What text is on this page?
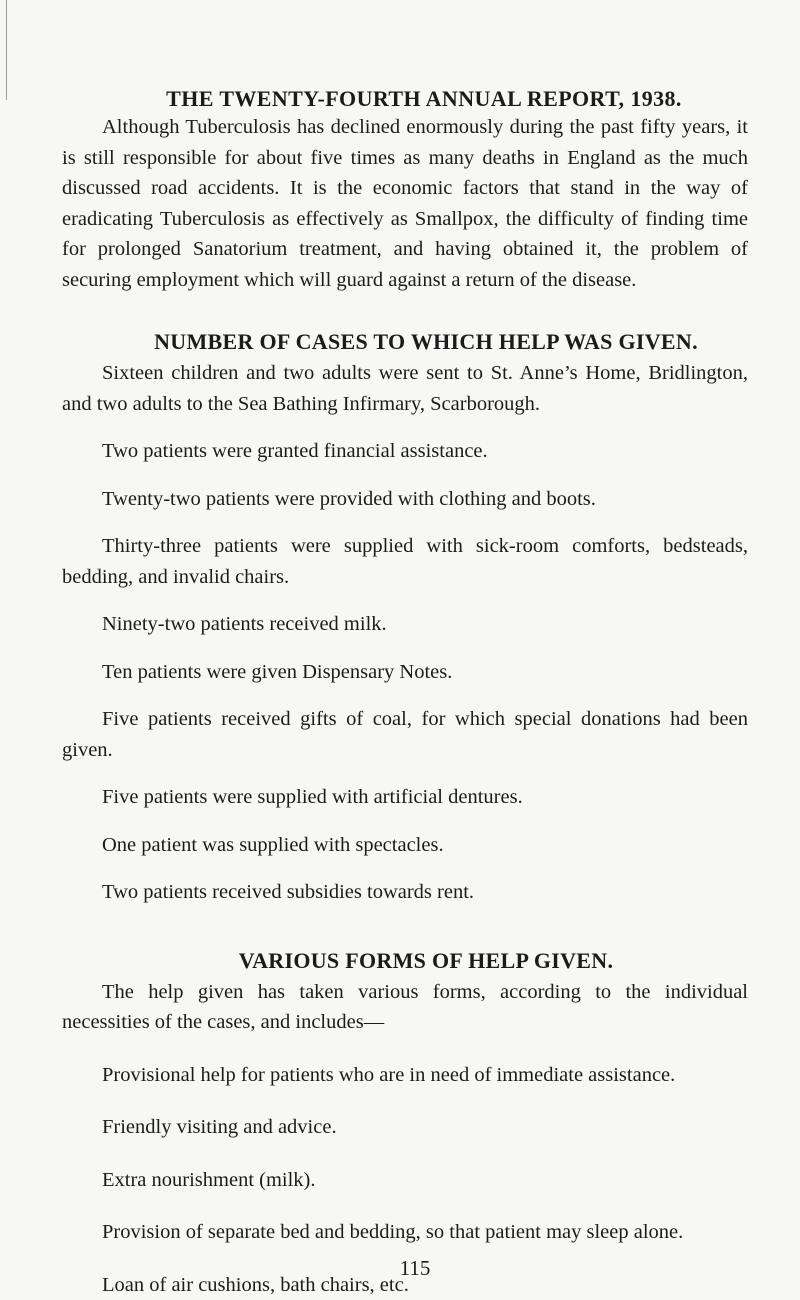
THE TWENTY-FOURTH ANNUAL REPORT, 1938.

Although Tuberculosis has declined enormously during the past fifty years, it is still responsible for about five times as many deaths in England as the much discussed road accidents. It is the economic factors that stand in the way of eradicating Tuberculosis as effectively as Smallpox, the difficulty of finding time for prolonged Sanatorium treatment, and having obtained it, the problem of securing employment which will guard against a return of the disease.

NUMBER OF CASES TO WHICH HELP WAS GIVEN.

Sixteen children and two adults were sent to St. Anne’s Home, Bridlington, and two adults to the Sea Bathing Infirmary, Scarborough.

Two patients were granted financial assistance.

Twenty-two patients were provided with clothing and boots.

Thirty-three patients were supplied with sick-room comforts, bedsteads, bedding, and invalid chairs.

Ninety-two patients received milk.

Ten patients were given Dispensary Notes.

Five patients received gifts of coal, for which special donations had been given.

Five patients were supplied with artificial dentures.

One patient was supplied with spectacles.

Two patients received subsidies towards rent.

VARIOUS FORMS OF HELP GIVEN.

The help given has taken various forms, according to the individual necessities of the cases, and includes—

Provisional help for patients who are in need of immediate assistance.

Friendly visiting and advice.

Extra nourishment (milk).

Provision of separate bed and bedding, so that patient may sleep alone.

Loan of air cushions, bath chairs, etc.

115
